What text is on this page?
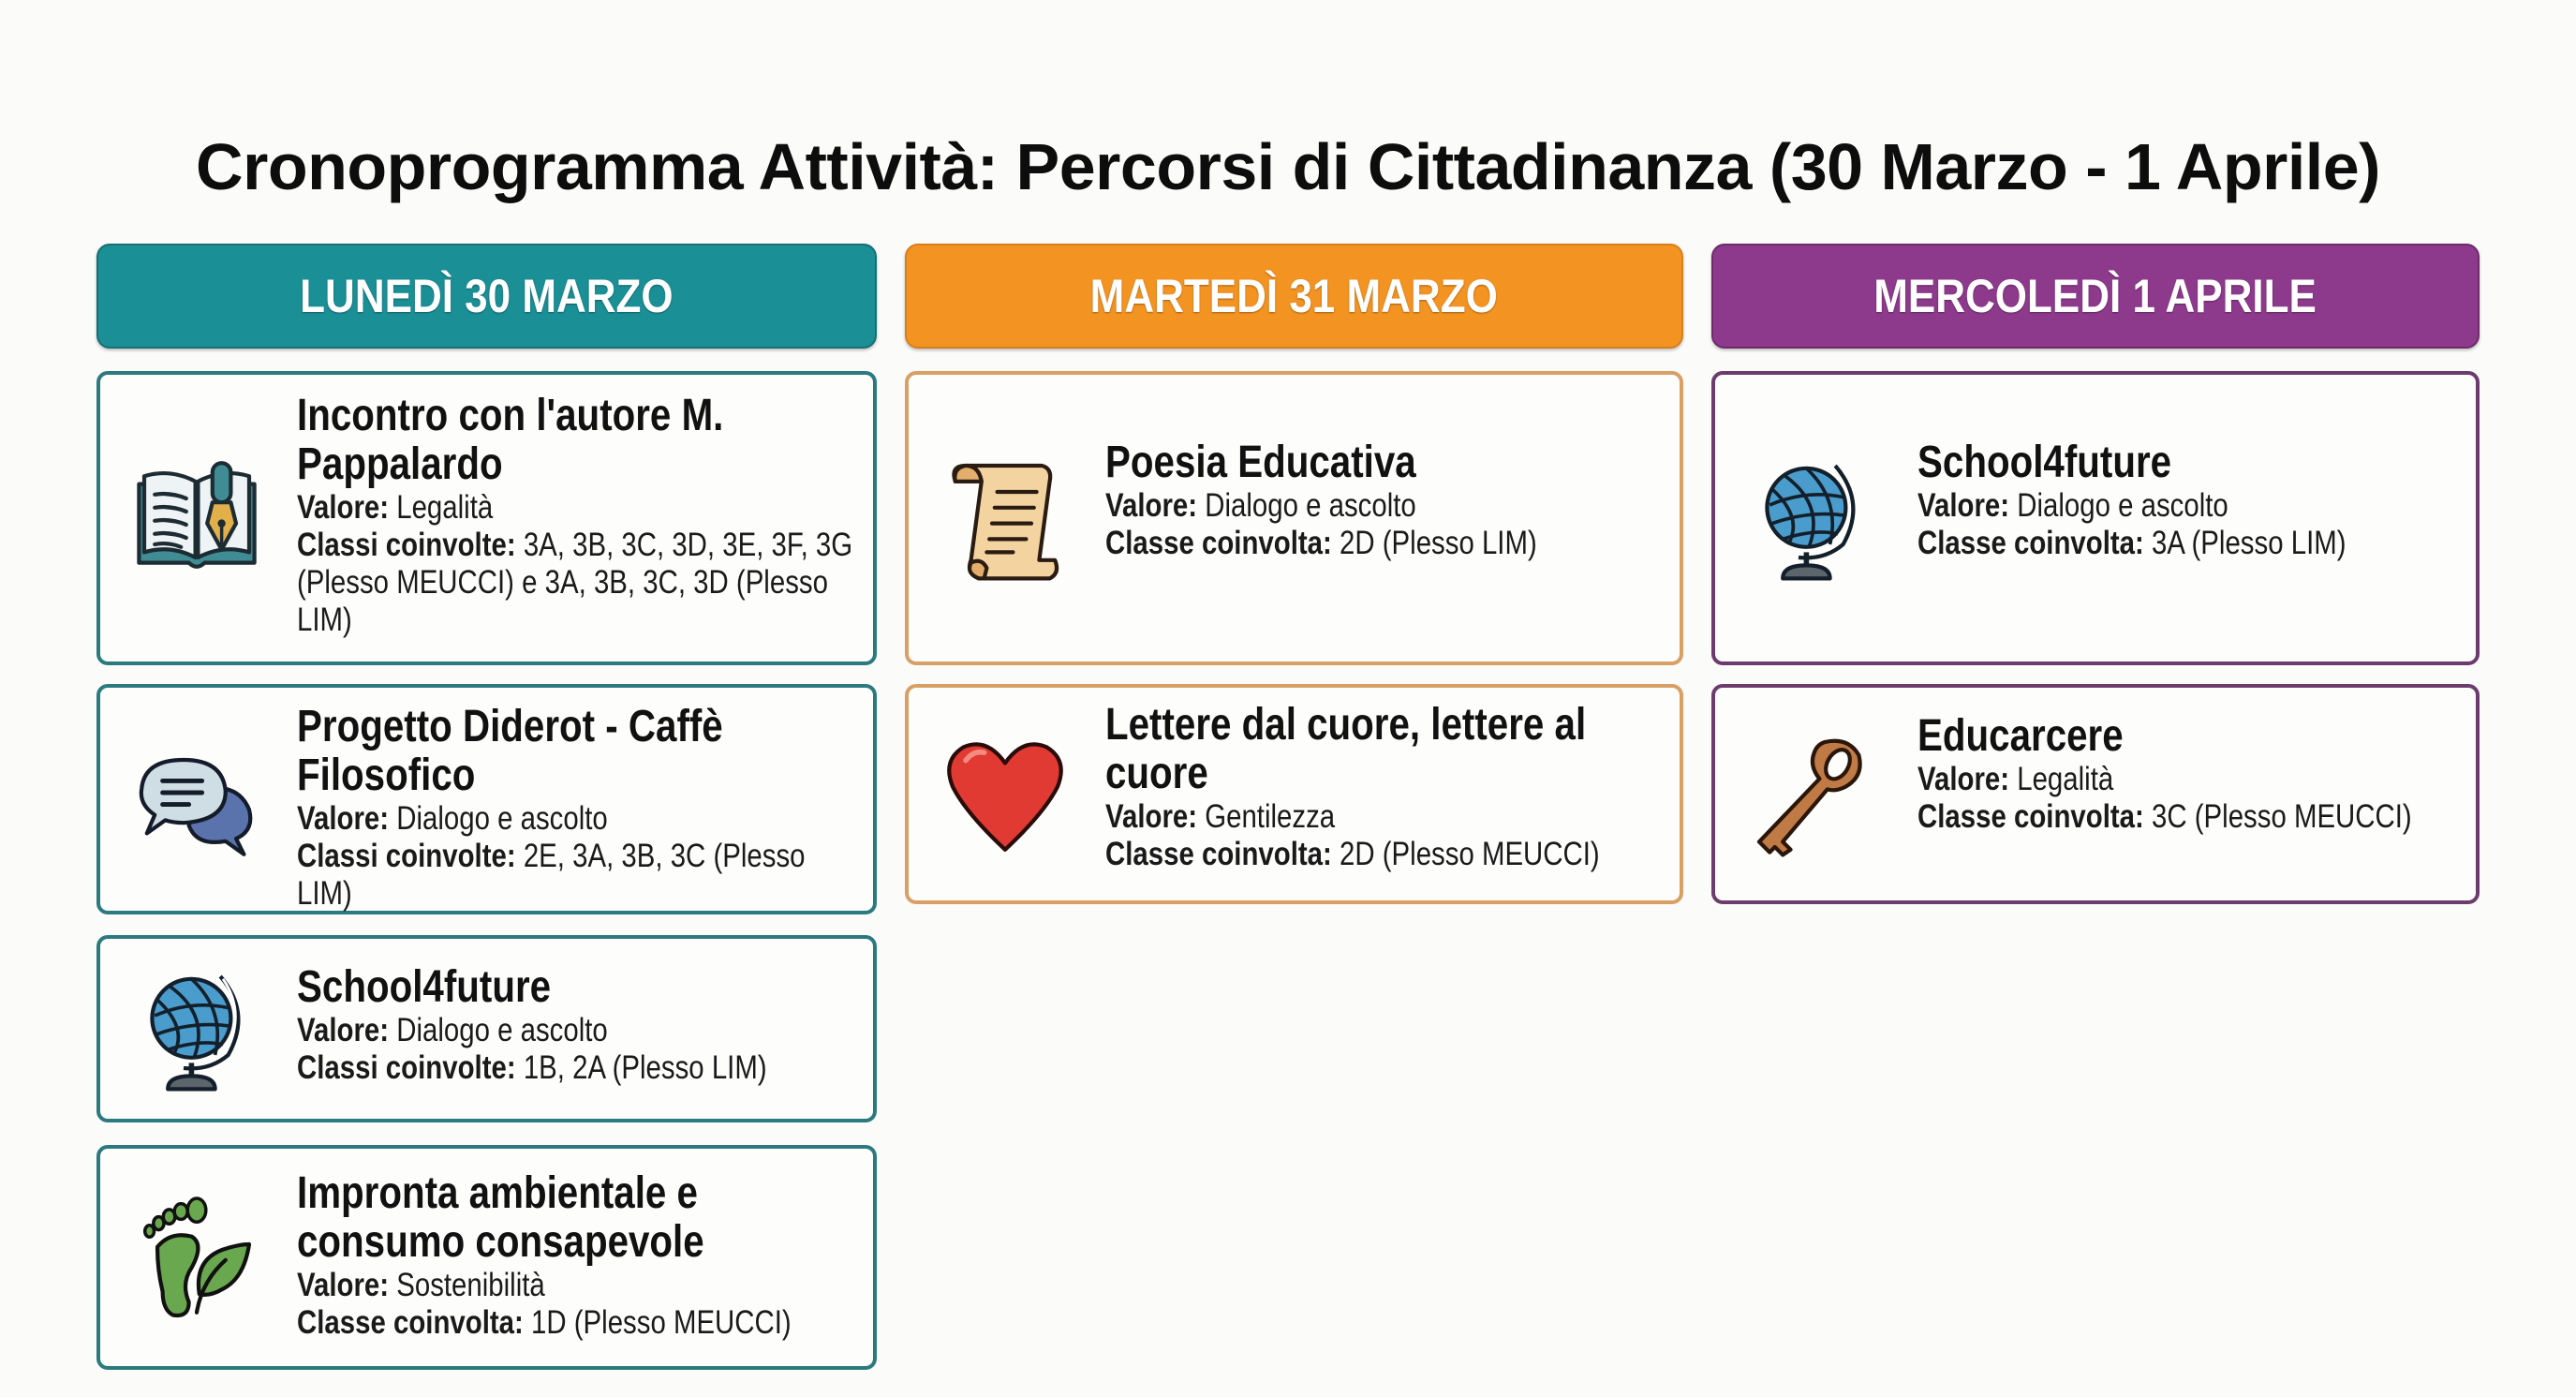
Cronoprogramma Attività: Percorsi di Cittadinanza (30 Marzo - 1 Aprile)
LUNEDÌ 30 MARZO
Incontro con l'autore M. Pappalardo
Valore: Legalità
Classi coinvolte: 3A, 3B, 3C, 3D, 3E, 3F, 3G (Plesso MEUCCI) e 3A, 3B, 3C, 3D (Plesso LIM)
Progetto Diderot - Caffè Filosofico
Valore: Dialogo e ascolto
Classi coinvolte: 2E, 3A, 3B, 3C (Plesso LIM)
School4future
Valore: Dialogo e ascolto
Classi coinvolte: 1B, 2A (Plesso LIM)
Impronta ambientale e consumo consapevole
Valore: Sostenibilità
Classe coinvolta: 1D (Plesso MEUCCI)
MARTEDÌ 31 MARZO
Poesia Educativa
Valore: Dialogo e ascolto
Classe coinvolta: 2D (Plesso LIM)
Lettere dal cuore, lettere al cuore
Valore: Gentilezza
Classe coinvolta: 2D (Plesso MEUCCI)
MERCOLEDÌ 1 APRILE
School4future
Valore: Dialogo e ascolto
Classe coinvolta: 3A (Plesso LIM)
Educarcere
Valore: Legalità
Classe coinvolta: 3C (Plesso MEUCCI)
